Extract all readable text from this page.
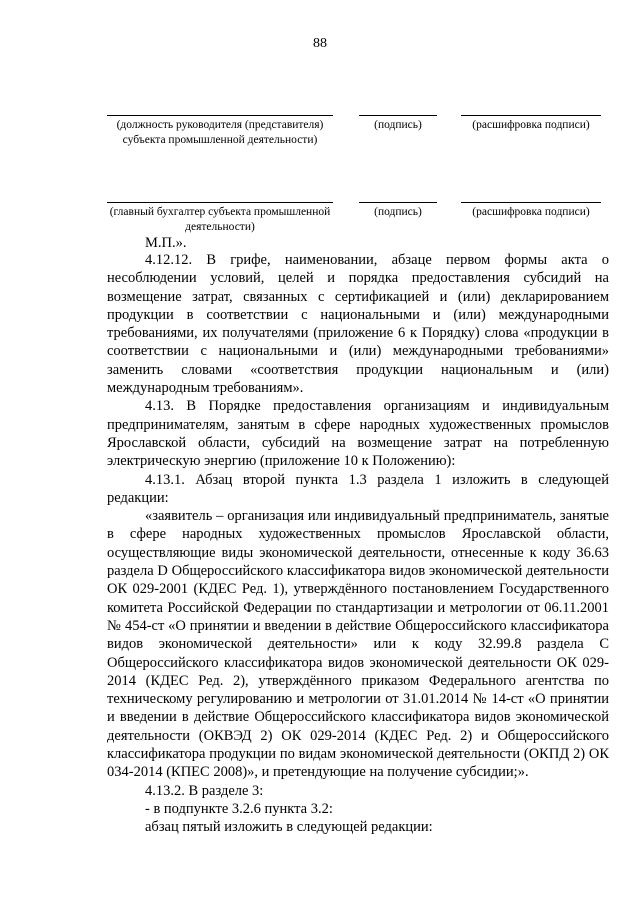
88
(должность руководителя (представителя) субъекта промышленной деятельности)
(подпись)	(расшифровка подписи)
(главный бухгалтер субъекта промышленной деятельности)
(подпись)	(расшифровка подписи)
М.П.».

4.12.12. В грифе, наименовании, абзаце первом формы акта о несоблюдении условий, целей и порядка предоставления субсидий на возмещение затрат, связанных с сертификацией и (или) декларированием продукции в соответствии с национальными и (или) международными требованиями, их получателями (приложение 6 к Порядку) слова «продукции в соответствии с национальными и (или) международными требованиями» заменить словами «соответствия продукции национальным и (или) международным требованиям».

4.13. В Порядке предоставления организациям и индивидуальным предпринимателям, занятым в сфере народных художественных промыслов Ярославской области, субсидий на возмещение затрат на потребленную электрическую энергию (приложение 10 к Положению):

4.13.1. Абзац второй пункта 1.3 раздела 1 изложить в следующей редакции:

«заявитель – организация или индивидуальный предприниматель, занятые в сфере народных художественных промыслов Ярославской области, осуществляющие виды экономической деятельности, отнесенные к коду 36.63 раздела D Общероссийского классификатора видов экономической деятельности ОК 029-2001 (КДЕС Ред. 1), утверждённого постановлением Государственного комитета Российской Федерации по стандартизации и метрологии от 06.11.2001 № 454-ст «О принятии и введении в действие Общероссийского классификатора видов экономической деятельности» или к коду 32.99.8 раздела С Общероссийского классификатора видов экономической деятельности ОК 029-2014 (КДЕС Ред. 2), утверждённого приказом Федерального агентства по техническому регулированию и метрологии от 31.01.2014 № 14-ст «О принятии и введении в действие Общероссийского классификатора видов экономической деятельности (ОКВЭД 2) ОК 029-2014 (КДЕС Ред. 2) и Общероссийского классификатора продукции по видам экономической деятельности (ОКПД 2) ОК 034-2014 (КПЕС 2008)», и претендующие на получение субсидии;».

4.13.2. В разделе 3:

- в подпункте 3.2.6 пункта 3.2:

абзац пятый изложить в следующей редакции:
